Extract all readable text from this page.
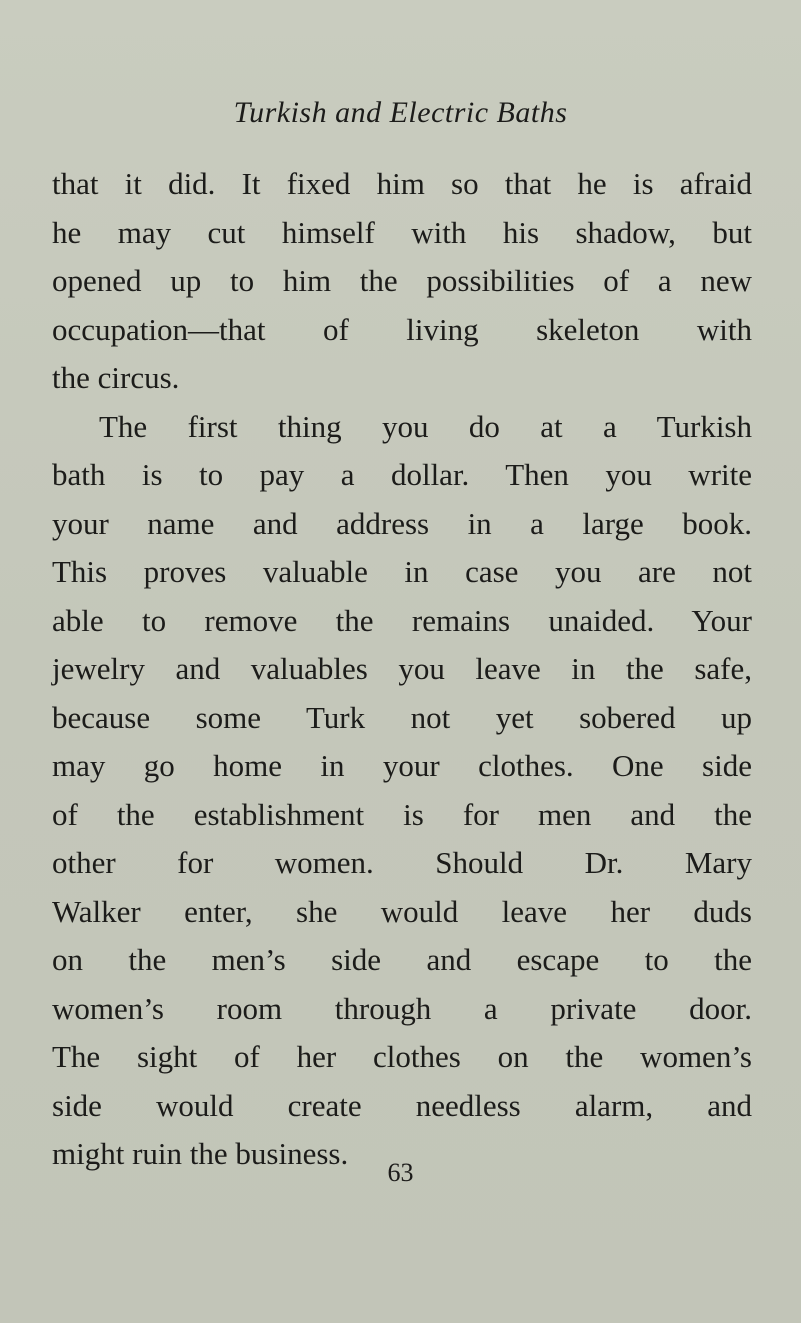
Turkish and Electric Baths
that it did. It fixed him so that he is afraid
he may cut himself with his shadow, but
opened up to him the possibilities of a new
occupation—that of living skeleton with
the circus.
The first thing you do at a Turkish
bath is to pay a dollar. Then you write
your name and address in a large book.
This proves valuable in case you are not
able to remove the remains unaided. Your
jewelry and valuables you leave in the safe,
because some Turk not yet sobered up
may go home in your clothes. One side
of the establishment is for men and the
other for women. Should Dr. Mary
Walker enter, she would leave her duds
on the men’s side and escape to the
women’s room through a private door.
The sight of her clothes on the women’s
side would create needless alarm, and
might ruin the business.
63
